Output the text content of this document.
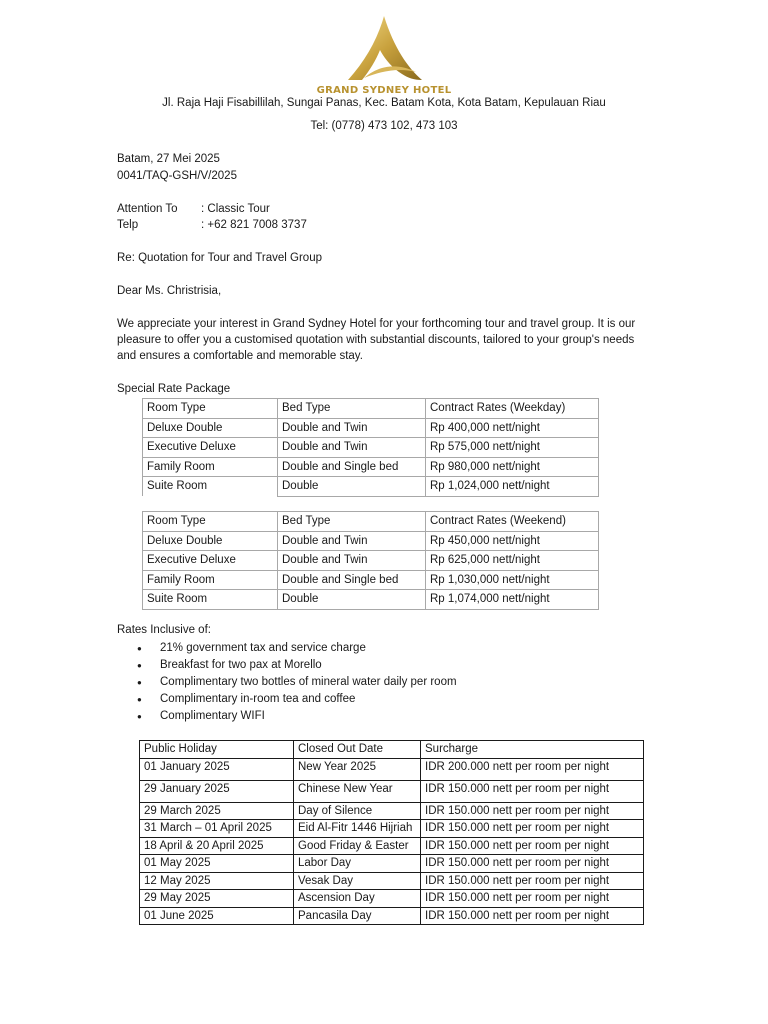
GRAND SYDNEY HOTEL
Jl. Raja Haji Fisabillilah, Sungai Panas, Kec. Batam Kota, Kota Batam, Kepulauan Riau
Tel: (0778) 473 102, 473 103
Batam, 27 Mei 2025
0041/TAQ-GSH/V/2025
Attention To : Classic Tour
Telp	: +62 821 7008 3737
Re: Quotation for Tour and Travel Group
Dear Ms. Christrisia,
We appreciate your interest in Grand Sydney Hotel for your forthcoming tour and travel group. It is our
pleasure to offer you a customised quotation with substantial discounts, tailored to your group's needs
and ensures a comfortable and memorable stay.
Special Rate Package
Room Type	Bed Type	Contract Rates (Weekday)
Deluxe Double	Double and Twin	Rp 400,000 nett/night
Executive Deluxe	Double and Twin	Rp 575,000 nett/night
Family Room	Double and Single bed	Rp 980,000 nett/night
Suite Room	Double	Rp 1,024,000 nett/night
Room Type	Bed Type	Contract Rates (Weekend)
Deluxe Double	Double and Twin	Rp 450,000 nett/night
Executive Deluxe	Double and Twin	Rp 625,000 nett/night
Family Room	Double and Single bed	Rp 1,030,000 nett/night
Suite Room	Double	Rp 1,074,000 nett/night
Rates Inclusive of:
● 21% government tax and service charge
● Breakfast for two pax at Morello
● Complimentary two bottles of mineral water daily per room
● Complimentary in-room tea and coffee
● Complimentary WIFI
Public Holiday	Closed Out Date	Surcharge
01 January 2025	New Year 2025	IDR 200.000 nett per room per night
29 January 2025	Chinese New Year	IDR 150.000 nett per room per night
29 March 2025	Day of Silence	IDR 150.000 nett per room per night
31 March – 01 April 2025	Eid Al-Fitr 1446 Hijriah	IDR 150.000 nett per room per night
18 April & 20 April 2025	Good Friday & Easter	IDR 150.000 nett per room per night
01 May 2025	Labor Day	IDR 150.000 nett per room per night
12 May 2025	Vesak Day	IDR 150.000 nett per room per night
29 May 2025	Ascension Day	IDR 150.000 nett per room per night
01 June 2025	Pancasila Day	IDR 150.000 nett per room per night
